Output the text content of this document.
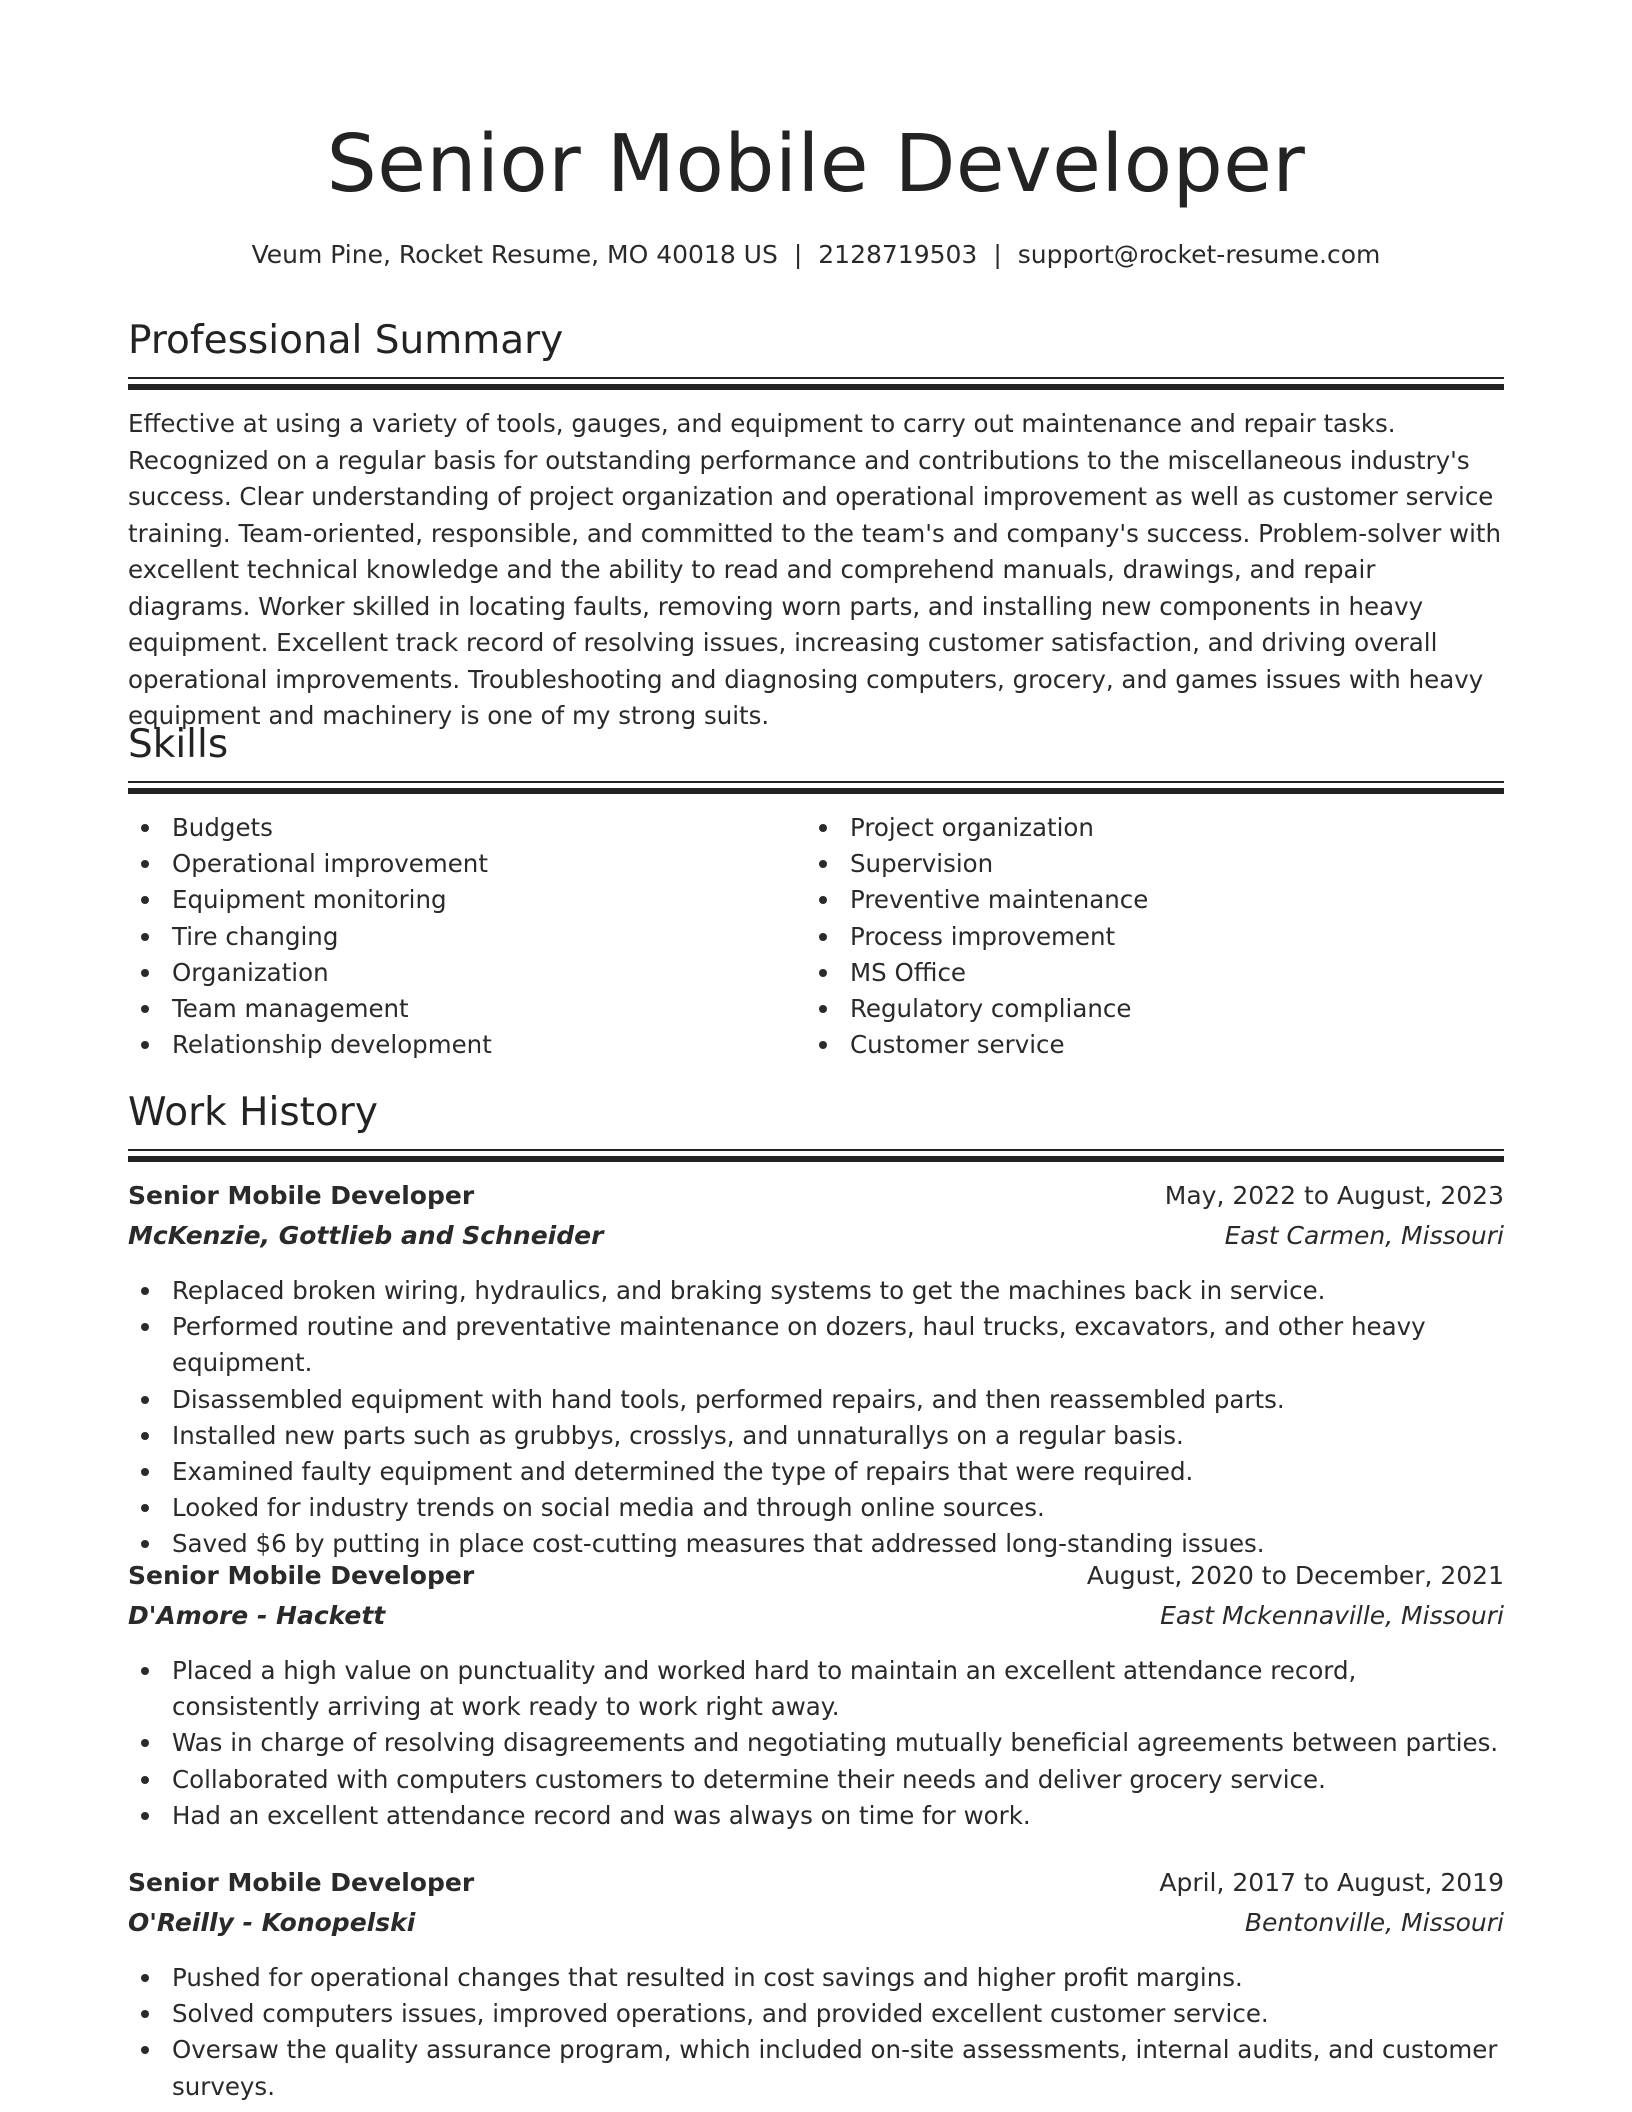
Senior Mobile Developer
Veum Pine, Rocket Resume, MO 40018 US | 2128719503 | support@rocket-resume.com
Professional Summary

Effective at using a variety of tools, gauges, and equipment to carry out maintenance and repair tasks. Recognized on a regular basis for outstanding performance and contributions to the miscellaneous industry's success. Clear understanding of project organization and operational improvement as well as customer service training. Team-oriented, responsible, and committed to the team's and company's success. Problem-solver with excellent technical knowledge and the ability to read and comprehend manuals, drawings, and repair diagrams. Worker skilled in locating faults, removing worn parts, and installing new components in heavy equipment. Excellent track record of resolving issues, increasing customer satisfaction, and driving overall operational improvements. Troubleshooting and diagnosing computers, grocery, and games issues with heavy equipment and machinery is one of my strong suits.

Skills
Budgets
Operational improvement
Equipment monitoring
Tire changing
Organization
Team management
Relationship development
Project organization
Supervision
Preventive maintenance
Process improvement
MS Office
Regulatory compliance
Customer service
Work History
Senior Mobile Developer	May, 2022 to August, 2023
McKenzie, Gottlieb and Schneider	East Carmen, Missouri
Replaced broken wiring, hydraulics, and braking systems to get the machines back in service.
Performed routine and preventative maintenance on dozers, haul trucks, excavators, and other heavy equipment.
Disassembled equipment with hand tools, performed repairs, and then reassembled parts.
Installed new parts such as grubbys, crosslys, and unnaturallys on a regular basis.
Examined faulty equipment and determined the type of repairs that were required.
Looked for industry trends on social media and through online sources.
Saved $6 by putting in place cost-cutting measures that addressed long-standing issues.
Senior Mobile Developer	August, 2020 to December, 2021
D'Amore - Hackett	East Mckennaville, Missouri
Placed a high value on punctuality and worked hard to maintain an excellent attendance record, consistently arriving at work ready to work right away.
Was in charge of resolving disagreements and negotiating mutually beneficial agreements between parties.
Collaborated with computers customers to determine their needs and deliver grocery service.
Had an excellent attendance record and was always on time for work.
Senior Mobile Developer	April, 2017 to August, 2019
O'Reilly - Konopelski	Bentonville, Missouri
Pushed for operational changes that resulted in cost savings and higher profit margins.
Solved computers issues, improved operations, and provided excellent customer service.
Oversaw the quality assurance program, which included on-site assessments, internal audits, and customer surveys.
